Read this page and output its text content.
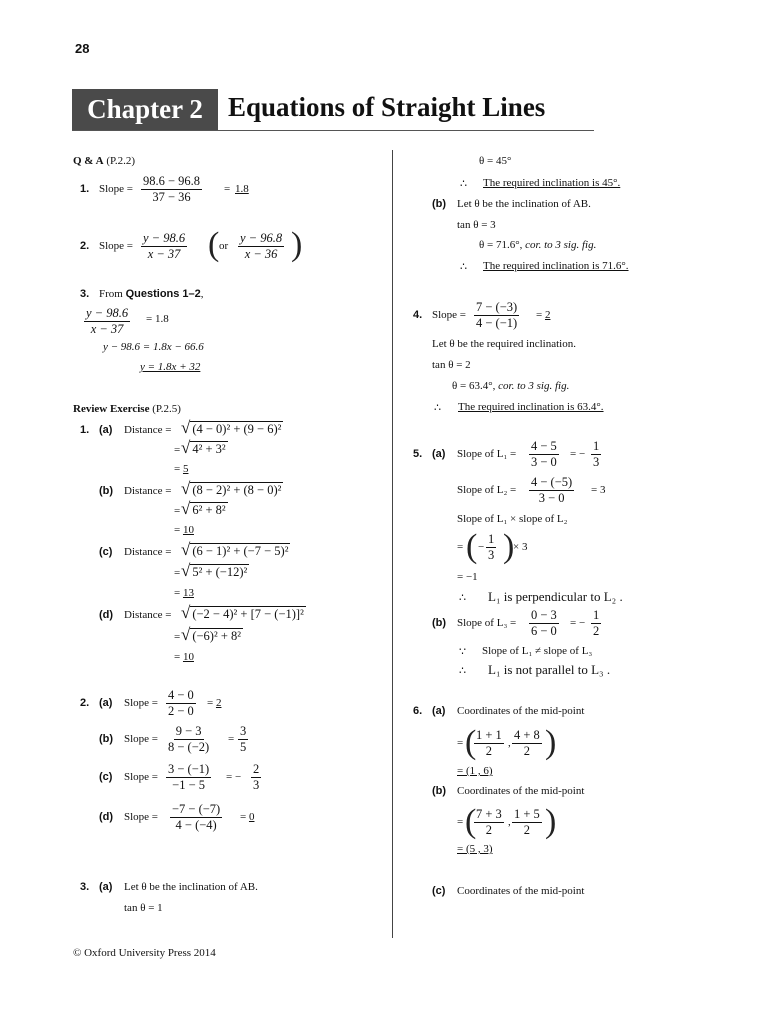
28
Chapter 2 Equations of Straight Lines
Q & A (P.2.2)
1. Slope = $\frac{98.6 - 96.8}{37 - 36} = 1.8$
2. Slope = $\frac{y - 98.6}{x - 37}$ ( or $\frac{y - 96.8}{x - 36}$ )
3. From Questions 1–2,
$\frac{y - 98.6}{x - 37} = 1.8$
y − 98.6 = 1.8x − 66.6
y = 1.8x + 32
Review Exercise (P.2.5)
1. (a) Distance = √ (4 − 0)² + (9 − 6)²
= √ 4² + 3²
= 5
(b) Distance = √ (8 − 2)² + (8 − 0)²
= √ 6² + 8²
= 10
(c) Distance = √ (6 − 1)² + (−7 − 5)²
= √ 5² + (−12)²
= 13
(d) Distance = √ (−2 − 4)² + [7 − (−1)]²
= √ (−6)² + 8²
= 10
2. (a) Slope = $\frac{4 - 0}{2 - 0} = 2$
(b) Slope = $\frac{9 - 3}{8 - (-2)} = \frac{3}{5}$
(c) Slope = $\frac{3 - (-1)}{-1 - 5}$ = − $\frac{2}{3}$
(d) Slope = $\frac{-7 - (-7)}{4 - (-4)} = 0$
3. (a) Let θ be the inclination of AB.
tan θ = 1
θ = 45°
∴ The required inclination is 45°.
(b) Let θ be the inclination of AB.
tan θ = 3
θ = 71.6°, cor. to 3 sig. fig.
∴ The required inclination is 71.6°.
4. Slope = $\frac{7 - (-3)}{4 - (-1)} = 2$
Let θ be the required inclination.
tan θ = 2
θ = 63.4°, cor. to 3 sig. fig.
∴ The required inclination is 63.4°.
5. (a) Slope of $L_1 = \frac{4 - 5}{3 - 0}$ = − $\frac{1}{3}$
Slope of $L_2 = \frac{4 - (-5)}{3 - 0} = 3$
Slope of L₁ × slope of L₂
= ( − $\frac{1}{3}$ )
× 3
= −1
∴ L₁ is perpendicular to L₂ .
(b) Slope of $L_3 = \frac{0 - 3}{6 - 0}$ = − $\frac{1}{2}$
∵ Slope of L₁ ≠ slope of L₃
∴ L₁ is not parallel to L₃ .
6. (a) Coordinates of the mid-point
= (
$\frac{1 + 1}{2}$ , $\frac{4 + 8}{2}$ )
= (1 , 6)
(b) Coordinates of the mid-point
= (
$\frac{7 + 3}{2}$ , $\frac{1 + 5}{2}$ )
= (5 , 3)
(c) Coordinates of the mid-point
© Oxford University Press 2014
